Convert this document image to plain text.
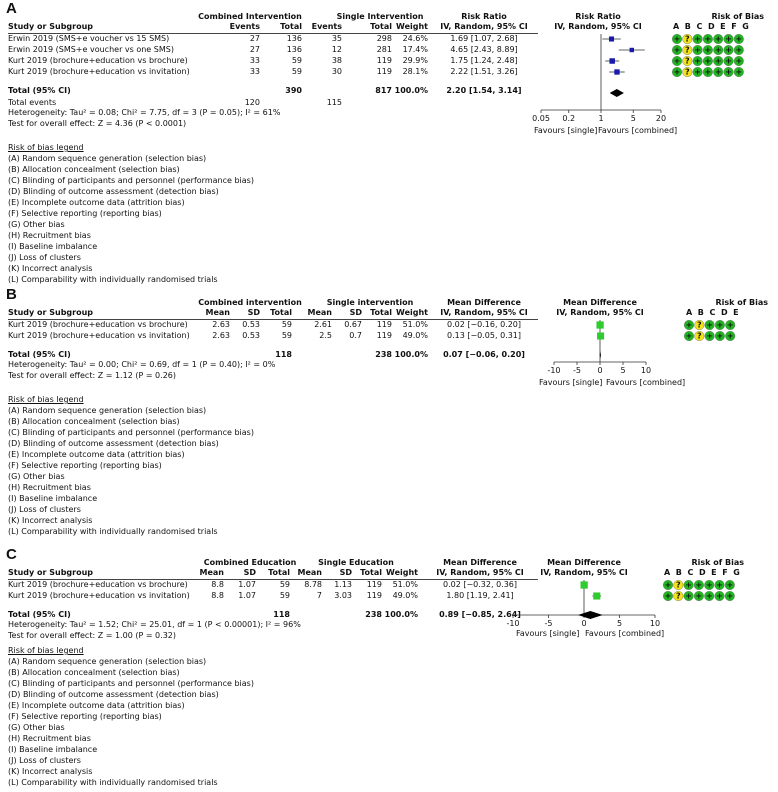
A	Combined Intervention	Single Intervention	Risk Ratio	Risk Ratio	Risk of Bias
Study or Subgroup	Events	Total	Events	Total Weight	IV, Random, 95% CI	IV, Random, 95% CI	A B C D E F G
Erwin 2019 (SMS+e voucher vs 15 SMS)	27	136	35	298	24.6%	1.69 [1.07, 2.68]
Erwin 2019 (SMS+e voucher vs one SMS)	27	136	12	281	17.4%	4.65 [2.43, 8.89]
Kurt 2019 (brochure+education vs brochure)	33	59	38	119	29.9%	1.75 [1.24, 2.48]
Kurt 2019 (brochure+education vs invitation)	33	59	30	119	28.1%	2.22 [1.51, 3.26]
Total (95% CI)	390	817 100.0%	2.20 [1.54, 3.14]
Total events	120	115
Heterogeneity: Tau² = 0.08; Chi² = 7.75, df = 3 (P = 0.05); I² = 61%
Test for overall effect: Z = 4.36 (P < 0.0001)
0.05 0.2	1	5	20
+ ? + + + + +
+ ? + + + + +
+ ? + + + + +
+ ? + + + + +
Favours [single] Favours [combined]
Risk of bias legend
(A) Random sequence generation (selection bias)
(B) Allocation concealment (selection bias)
(C) Blinding of participants and personnel (performance bias)
(D) Blinding of outcome assessment (detection bias)
(E) Incomplete outcome data (attrition bias)
(F) Selective reporting (reporting bias)
(G) Other bias
(H) Recruitment bias
(I) Baseline imbalance
(J) Loss of clusters
(K) Incorrect analysis
(L) Comparability with individually randomised trials
B	Combined intervention	Single intervention	Mean Difference	Mean Difference	Risk of Bias
Study or Subgroup	Mean	SD	Total	Mean	SD	Total Weight	IV, Random, 95% CI	IV, Random, 95% CI	A B C D E
Kurt 2019 (brochure+education vs brochure)	2.63	0.53	59	2.61	0.67	119	51.0%	0.02 [−0.16, 0.20]
Kurt 2019 (brochure+education vs invitation)	2.63	0.53	59	2.5	0.7	119	49.0%	0.13 [−0.05, 0.31]
Total (95% CI)	118	238 100.0%	0.07 [−0.06, 0.20]
Heterogeneity: Tau² = 0.00; Chi² = 0.69, df = 1 (P = 0.40); I² = 0%
Test for overall effect: Z = 1.12 (P = 0.26)
-10 -5 0 5 10
+ ? + + +
+ ? + + +
Favours [single] Favours [combined]
Risk of bias legend
(A) Random sequence generation (selection bias)
(B) Allocation concealment (selection bias)
(C) Blinding of participants and personnel (performance bias)
(D) Blinding of outcome assessment (detection bias)
(E) Incomplete outcome data (attrition bias)
(F) Selective reporting (reporting bias)
(G) Other bias
(H) Recruitment bias
(I) Baseline imbalance
(J) Loss of clusters
(K) Incorrect analysis
(L) Comparability with individually randomised trials
C	Combined Education	Single Education	Mean Difference	Mean Difference	Risk of Bias
Study or Subgroup	Mean	SD	Total Mean	SD	Total Weight	IV, Random, 95% CI	IV, Random, 95% CI	A B C D E F G
Kurt 2019 (brochure+education vs brochure)	8.8	1.07	59	8.78	1.13	119	51.0%	0.02 [−0.32, 0.36]
Kurt 2019 (brochure+education vs invitation)	8.8	1.07	59	7	3.03	119	49.0%	1.80 [1.19, 2.41]
Total (95% CI)	118	238 100.0%	0.89 [−0.85, 2.64]
Heterogeneity: Tau² = 1.52; Chi² = 25.01, df = 1 (P < 0.00001); I² = 96%
Test for overall effect: Z = 1.00 (P = 0.32)
-10	-5	0	5	10
+ ? + + + + +
+ ? + + + + +
Favours [single] Favours [combined]
Risk of bias legend
(A) Random sequence generation (selection bias)
(B) Allocation concealment (selection bias)
(C) Blinding of participants and personnel (performance bias)
(D) Blinding of outcome assessment (detection bias)
(E) Incomplete outcome data (attrition bias)
(F) Selective reporting (reporting bias)
(G) Other bias
(H) Recruitment bias
(I) Baseline imbalance
(J) Loss of clusters
(K) Incorrect analysis
(L) Comparability with individually randomised trials
